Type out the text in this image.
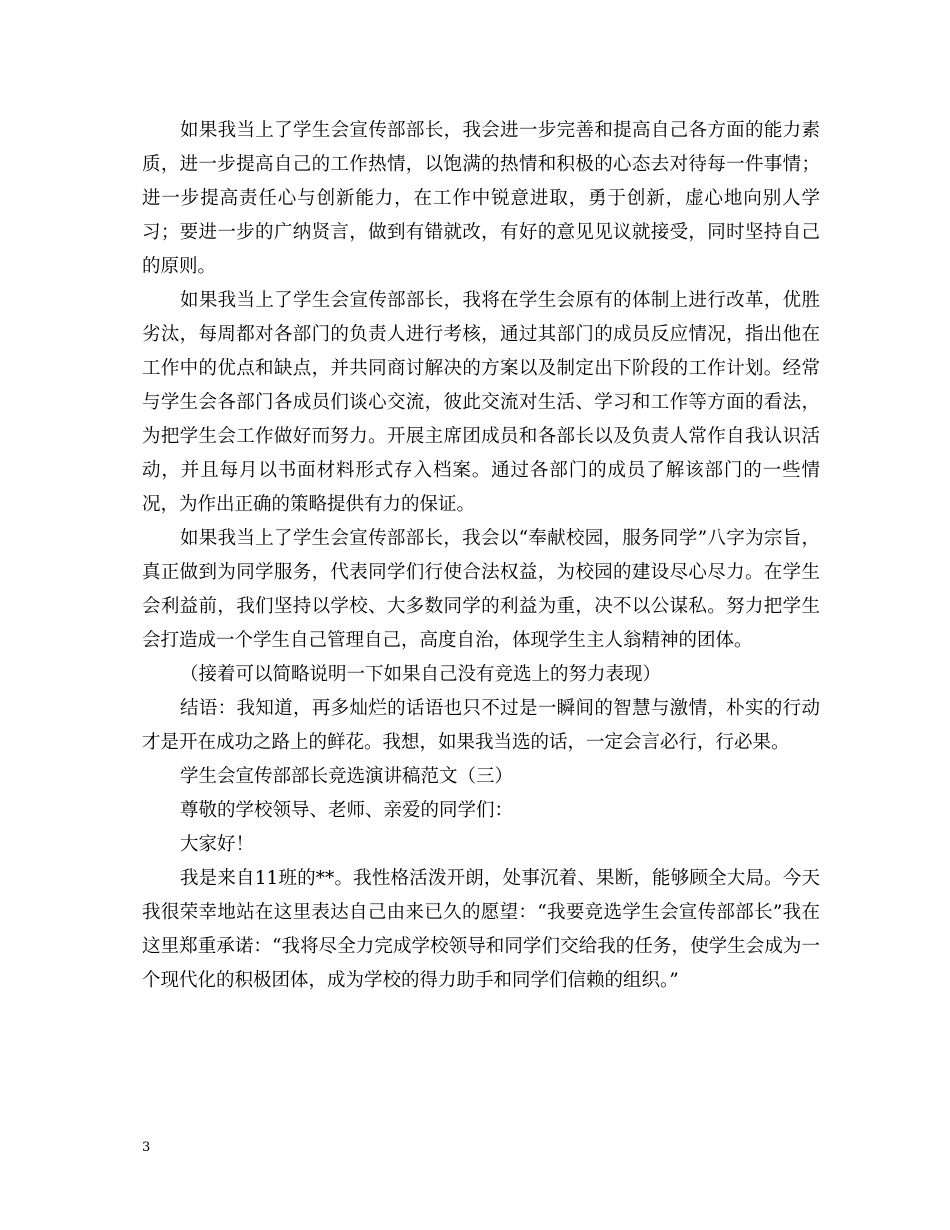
如果我当上了学生会宣传部部长，我会进一步完善和提高自己各方面的能力素质，进一步提高自己的工作热情，以饱满的热情和积极的心态去对待每一件事情；进一步提高责任心与创新能力，在工作中锐意进取，勇于创新，虚心地向别人学习；要进一步的广纳贤言，做到有错就改，有好的意见见议就接受，同时坚持自己的原则。

如果我当上了学生会宣传部部长，我将在学生会原有的体制上进行改革，优胜劣汰，每周都对各部门的负责人进行考核，通过其部门的成员反应情况，指出他在工作中的优点和缺点，并共同商讨解决的方案以及制定出下阶段的工作计划。经常与学生会各部门各成员们谈心交流，彼此交流对生活、学习和工作等方面的看法，为把学生会工作做好而努力。开展主席团成员和各部长以及负责人常作自我认识活动，并且每月以书面材料形式存入档案。通过各部门的成员了解该部门的一些情况，为作出正确的策略提供有力的保证。

如果我当上了学生会宣传部部长，我会以“奉献校园，服务同学”八字为宗旨，真正做到为同学服务，代表同学们行使合法权益，为校园的建设尽心尽力。在学生会利益前，我们坚持以学校、大多数同学的利益为重，决不以公谋私。努力把学生会打造成一个学生自己管理自己，高度自治，体现学生主人翁精神的团体。

（接着可以简略说明一下如果自己没有竞选上的努力表现）

结语：我知道，再多灿烂的话语也只不过是一瞬间的智慧与激情，朴实的行动才是开在成功之路上的鲜花。我想，如果我当选的话，一定会言必行，行必果。

学生会宣传部部长竞选演讲稿范文（三）

尊敬的学校领导、老师、亲爱的同学们：

大家好！

我是来自11班的**。我性格活泼开朗，处事沉着、果断，能够顾全大局。今天我很荣幸地站在这里表达自己由来已久的愿望：“我要竞选学生会宣传部部长”我在这里郑重承诺：“我将尽全力完成学校领导和同学们交给我的任务，使学生会成为一个现代化的积极团体，成为学校的得力助手和同学们信赖的组织。”

3
